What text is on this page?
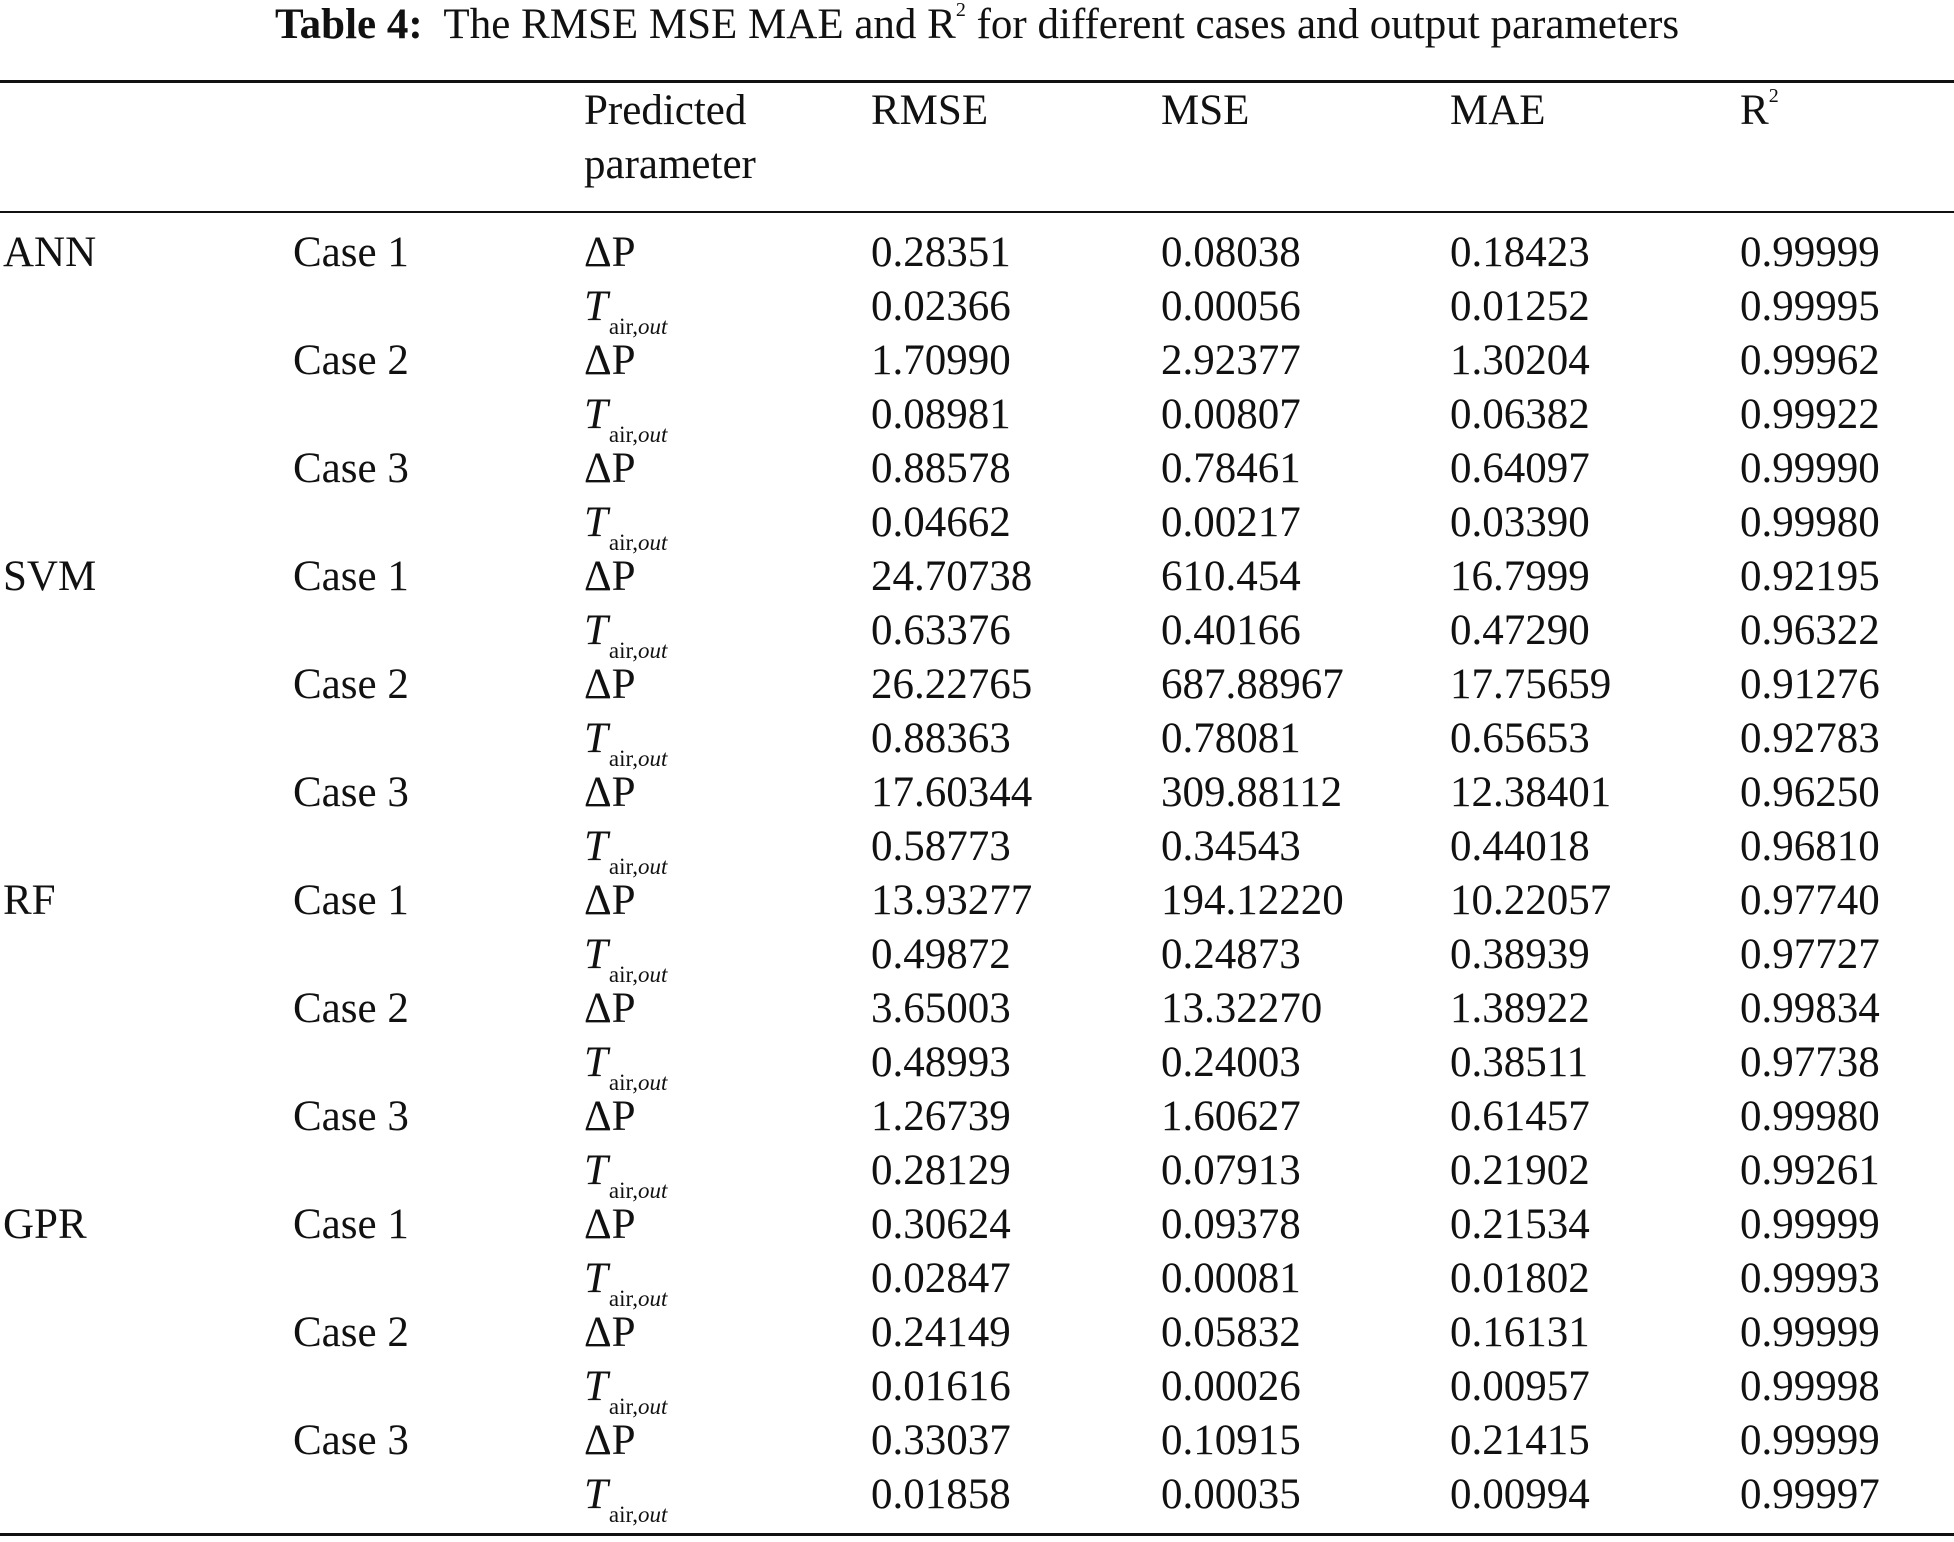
Table 4: The RMSE MSE MAE and $R^2$ for different cases and output parameters
Predicted
parameter
RMSE	MSE	MAE	$R^2$
ANN	Case 1	ΔP	0.28351	0.08038	0.18423	0.99999
$T_{air,out}$	0.02366	0.00056	0.01252	0.99995
Case 2	ΔP	1.70990	2.92377	1.30204	0.99962
$T_{air,out}$	0.08981	0.00807	0.06382	0.99922
Case 3	ΔP	0.88578	0.78461	0.64097	0.99990
$T_{air,out}$	0.04662	0.00217	0.03390	0.99980
SVM	Case 1	ΔP	24.70738	610.454	16.7999	0.92195
$T_{air,out}$	0.63376	0.40166	0.47290	0.96322
Case 2	ΔP	26.22765	687.88967 17.75659	0.91276
$T_{air,out}$	0.88363	0.78081	0.65653	0.92783
Case 3	ΔP	17.60344	309.88112	12.38401	0.96250
$T_{air,out}$	0.58773	0.34543	0.44018	0.96810
RF	Case 1	ΔP	13.93277	194.12220 10.22057	0.97740
$T_{air,out}$	0.49872	0.24873	0.38939	0.97727
Case 2	ΔP	3.65003	13.32270	1.38922	0.99834
$T_{air,out}$	0.48993	0.24003	0.38511	0.97738
Case 3	ΔP	1.26739	1.60627	0.61457	0.99980
$T_{air,out}$	0.28129	0.07913	0.21902	0.99261
GPR	Case 1	ΔP	0.30624	0.09378	0.21534	0.99999
$T_{air,out}$	0.02847	0.00081	0.01802	0.99993
Case 2	ΔP	0.24149	0.05832	0.16131	0.99999
$T_{air,out}$	0.01616	0.00026	0.00957	0.99998
Case 3	ΔP	0.33037	0.10915	0.21415	0.99999
$T_{air,out}$	0.01858	0.00035	0.00994	0.99997
